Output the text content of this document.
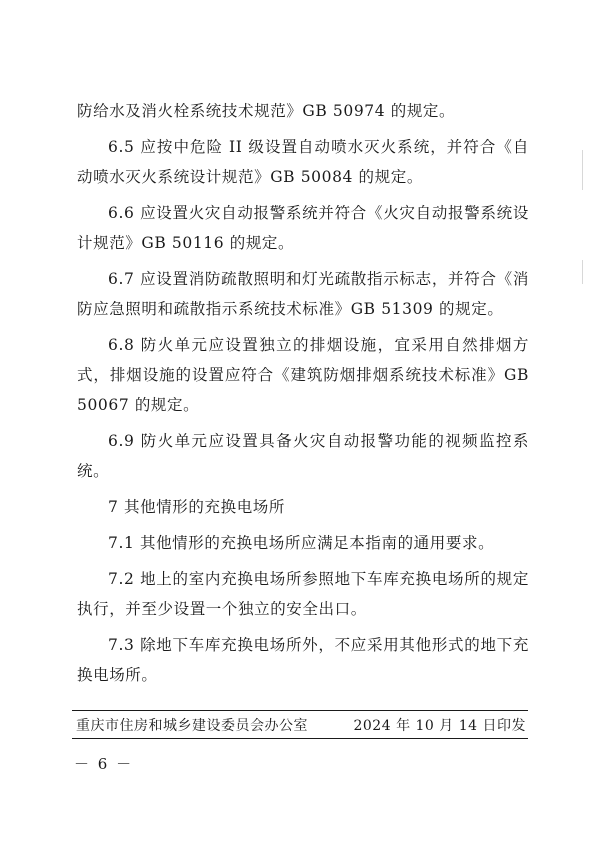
防给水及消火栓系统技术规范》GB 50974 的规定。

6.5 应按中危险 II 级设置自动喷水灭火系统，并符合《自动喷水灭火系统设计规范》GB 50084 的规定。

6.6 应设置火灾自动报警系统并符合《火灾自动报警系统设计规范》GB 50116 的规定。

6.7 应设置消防疏散照明和灯光疏散指示标志，并符合《消防应急照明和疏散指示系统技术标准》GB 51309 的规定。

6.8 防火单元应设置独立的排烟设施，宜采用自然排烟方式，排烟设施的设置应符合《建筑防烟排烟系统技术标准》GB 50067 的规定。

6.9 防火单元应设置具备火灾自动报警功能的视频监控系统。

7 其他情形的充换电场所

7.1 其他情形的充换电场所应满足本指南的通用要求。

7.2 地上的室内充换电场所参照地下车库充换电场所的规定执行，并至少设置一个独立的安全出口。

7.3 除地下车库充换电场所外，不应采用其他形式的地下充换电场所。

重庆市住房和城乡建设委员会办公室	2024 年 10 月 14 日印发
－ 6 －
